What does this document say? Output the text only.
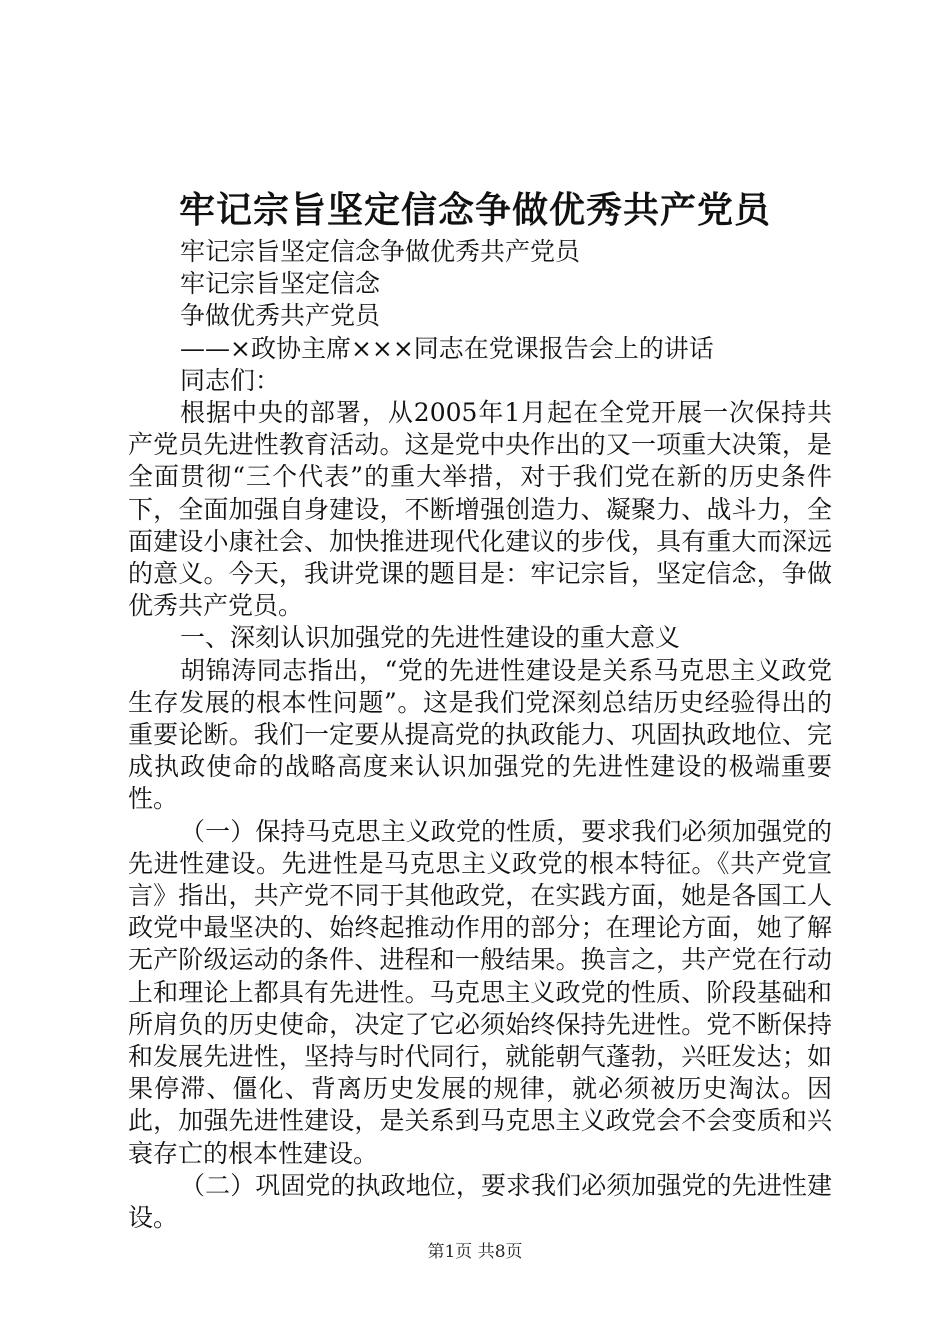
牢记宗旨坚定信念争做优秀共产党员

牢记宗旨坚定信念争做优秀共产党员

牢记宗旨坚定信念

争做优秀共产党员

——×政协主席×××同志在党课报告会上的讲话

同志们：

根据中央的部署，从2005年1月起在全党开展一次保持共产党员先进性教育活动。这是党中央作出的又一项重大决策，是全面贯彻“三个代表”的重大举措，对于我们党在新的历史条件下，全面加强自身建设，不断增强创造力、凝聚力、战斗力，全面建设小康社会、加快推进现代化建议的步伐，具有重大而深远的意义。今天，我讲党课的题目是：牢记宗旨，坚定信念，争做优秀共产党员。

一、深刻认识加强党的先进性建设的重大意义

胡锦涛同志指出，“党的先进性建设是关系马克思主义政党生存发展的根本性问题”。这是我们党深刻总结历史经验得出的重要论断。我们一定要从提高党的执政能力、巩固执政地位、完成执政使命的战略高度来认识加强党的先进性建设的极端重要性。

（一）保持马克思主义政党的性质，要求我们必须加强党的先进性建设。先进性是马克思主义政党的根本特征。《共产党宣言》指出，共产党不同于其他政党，在实践方面，她是各国工人政党中最坚决的、始终起推动作用的部分；在理论方面，她了解无产阶级运动的条件、进程和一般结果。换言之，共产党在行动上和理论上都具有先进性。马克思主义政党的性质、阶段基础和所肩负的历史使命，决定了它必须始终保持先进性。党不断保持和发展先进性，坚持与时代同行，就能朝气蓬勃，兴旺发达；如果停滞、僵化、背离历史发展的规律，就必须被历史淘汰。因此，加强先进性建设，是关系到马克思主义政党会不会变质和兴衰存亡的根本性建设。

（二）巩固党的执政地位，要求我们必须加强党的先进性建设。

第1页 共8页
